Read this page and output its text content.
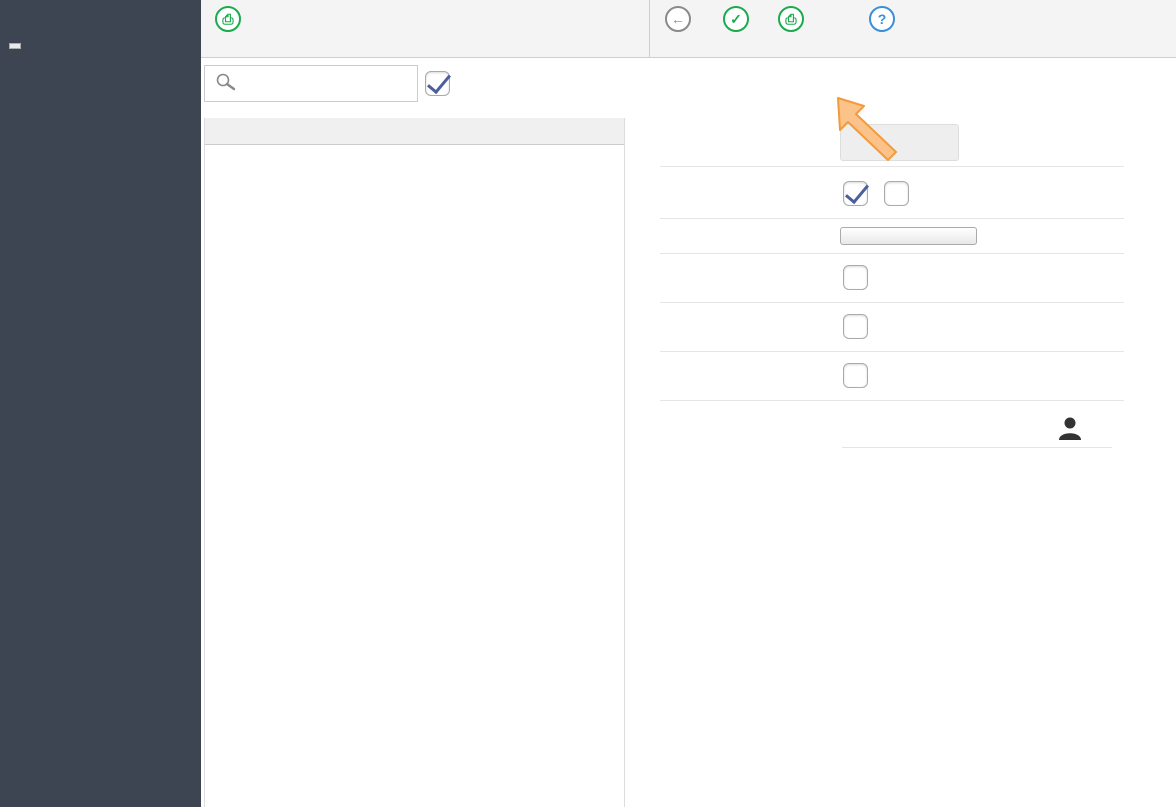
⎙	←	✓	⎙	?
